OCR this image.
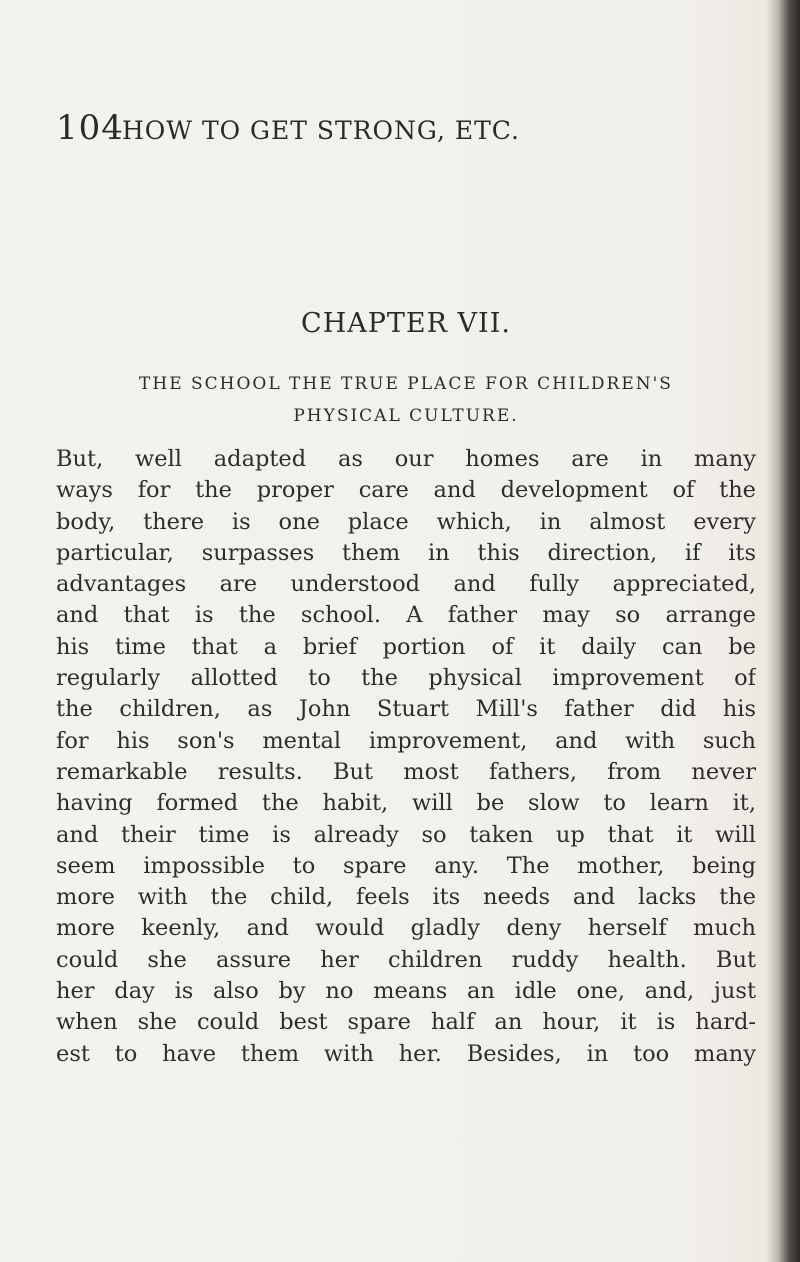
104
HOW TO GET STRONG, ETC.
CHAPTER VII.
THE SCHOOL THE TRUE PLACE FOR CHILDREN'S
PHYSICAL CULTURE.
But, well adapted as our homes are in many
ways for the proper care and development of the
body, there is one place which, in almost every
particular, surpasses them in this direction, if its
advantages are understood and fully appreciated,
and that is the school. A father may so arrange
his time that a brief portion of it daily can be
regularly allotted to the physical improvement of
the children, as John Stuart Mill's father did his
for his son's mental improvement, and with such
remarkable results. But most fathers, from never
having formed the habit, will be slow to learn it,
and their time is already so taken up that it will
seem impossible to spare any. The mother, being
more with the child, feels its needs and lacks the
more keenly, and would gladly deny herself much
could she assure her children ruddy health. But
her day is also by no means an idle one, and, just
when she could best spare half an hour, it is hard-
est to have them with her. Besides, in too many
